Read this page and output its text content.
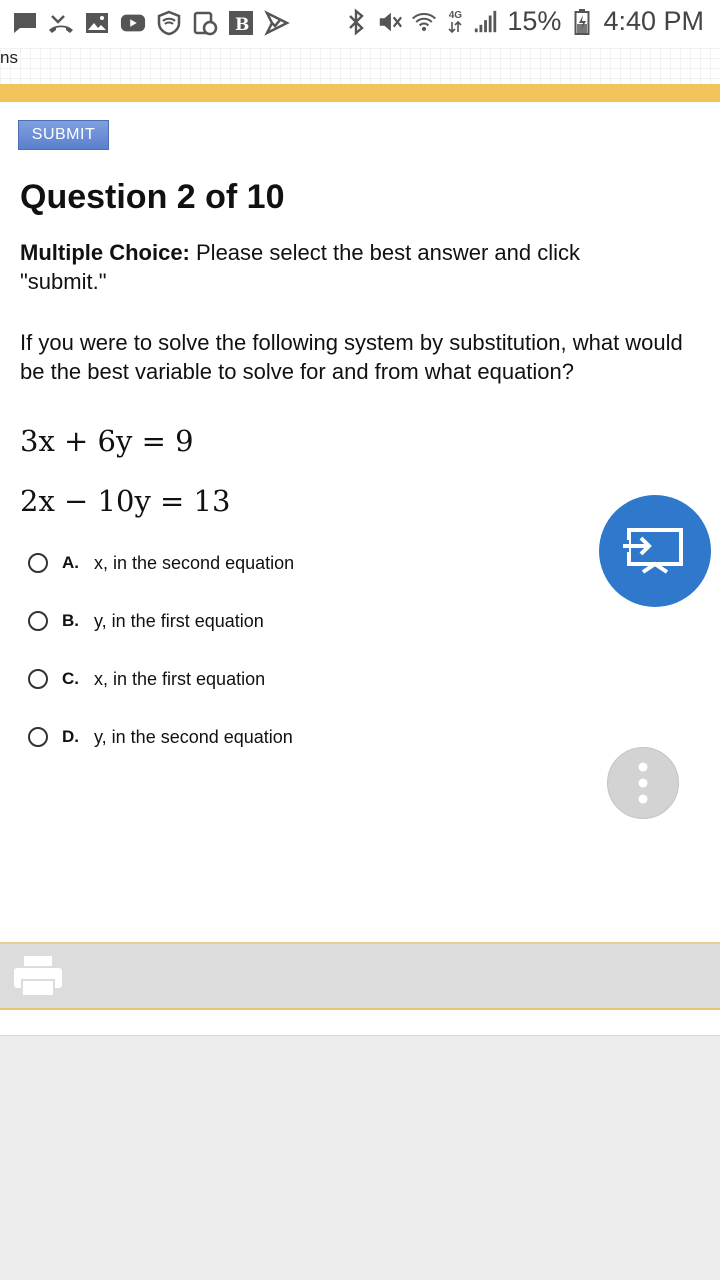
B	4G 15% 4:40 PM
ns
SUBMIT
Question 2 of 10
Multiple Choice: Please select the best answer and click "submit."
If you were to solve the following system by substitution, what would be the best variable to solve for and from what equation?
3x + 6y = 9
2x − 10y = 13
A. x, in the second equation
B. y, in the first equation
C. x, in the first equation
D. y, in the second equation
